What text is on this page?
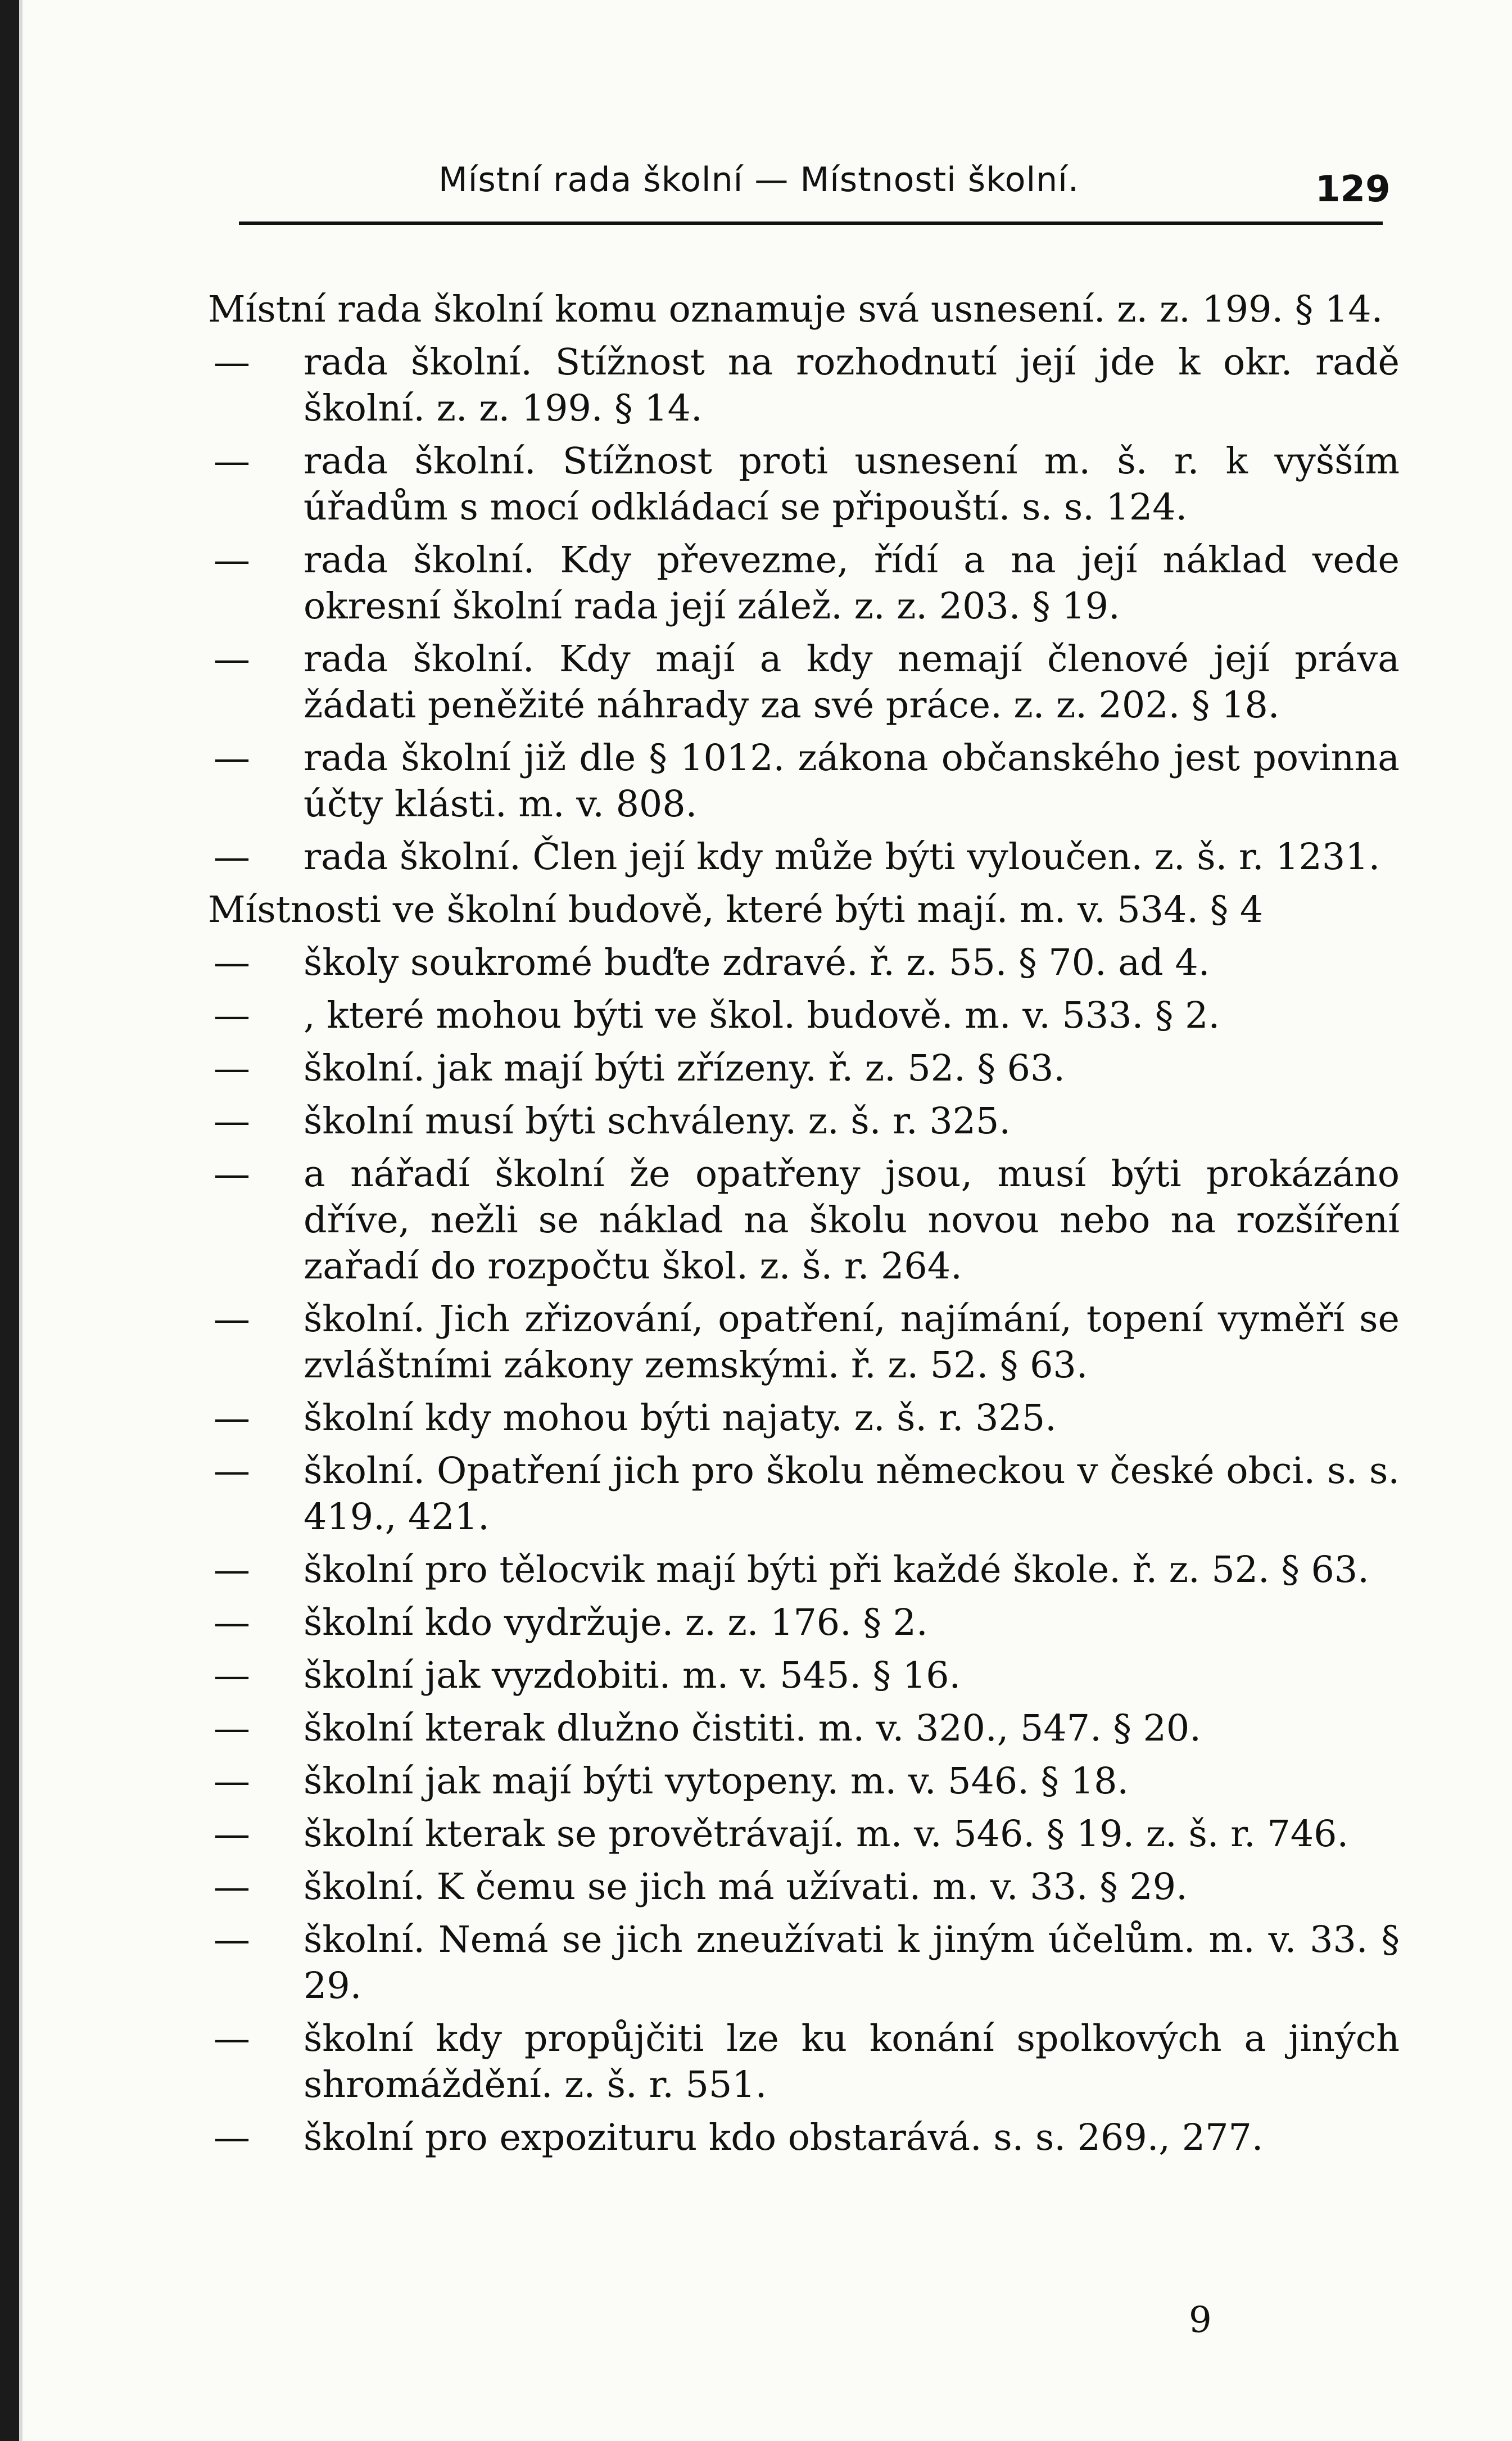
Místní rada školní — Místnosti školní.	129
Místní rada školní komu oznamuje svá usnesení. z. z. 199. § 14.
—	rada školní. Stížnost na rozhodnutí její jde k okr. radě školní. z. z. 199. § 14.
—	rada školní. Stížnost proti usnesení m. š. r. k vyšším úřadům s mocí odkládací se připouští. s. s. 124.
—	rada školní. Kdy převezme, řídí a na její náklad vede okresní školní rada její zálež. z. z. 203. § 19.
—	rada školní. Kdy mají a kdy nemají členové její práva žádati peněžité náhrady za své práce. z. z. 202. § 18.
—	rada školní již dle § 1012. zákona občanského jest povinna účty klásti. m. v. 808.
—	rada školní. Člen její kdy může býti vyloučen. z. š. r. 1231.
Místnosti ve školní budově, které býti mají. m. v. 534. § 4
—	školy soukromé buďte zdravé. ř. z. 55. § 70. ad 4.
—	, které mohou býti ve škol. budově. m. v. 533. § 2.
—	školní. jak mají býti zřízeny. ř. z. 52. § 63.
—	školní musí býti schváleny. z. š. r. 325.
—	a nářadí školní že opatřeny jsou, musí býti prokázáno dříve, nežli se náklad na školu novou nebo na rozšíření zařadí do rozpočtu škol. z. š. r. 264.
—	školní. Jich zřizování, opatření, najímání, topení vyměří se zvláštními zákony zemskými. ř. z. 52. § 63.
—	školní kdy mohou býti najaty. z. š. r. 325.
—	školní. Opatření jich pro školu německou v české obci. s. s. 419., 421.
—	školní pro tělocvik mají býti při každé škole. ř. z. 52. § 63.
—	školní kdo vydržuje. z. z. 176. § 2.
—	školní jak vyzdobiti. m. v. 545. § 16.
—	školní kterak dlužno čistiti. m. v. 320., 547. § 20.
—	školní jak mají býti vytopeny. m. v. 546. § 18.
—	školní kterak se provětrávají. m. v. 546. § 19. z. š. r. 746.
—	školní. K čemu se jich má užívati. m. v. 33. § 29.
—	školní. Nemá se jich zneužívati k jiným účelům. m. v. 33. § 29.
—	školní kdy propůjčiti lze ku konání spolkových a jiných shromáždění. z. š. r. 551.
—	školní pro expozituru kdo obstarává. s. s. 269., 277.
9
